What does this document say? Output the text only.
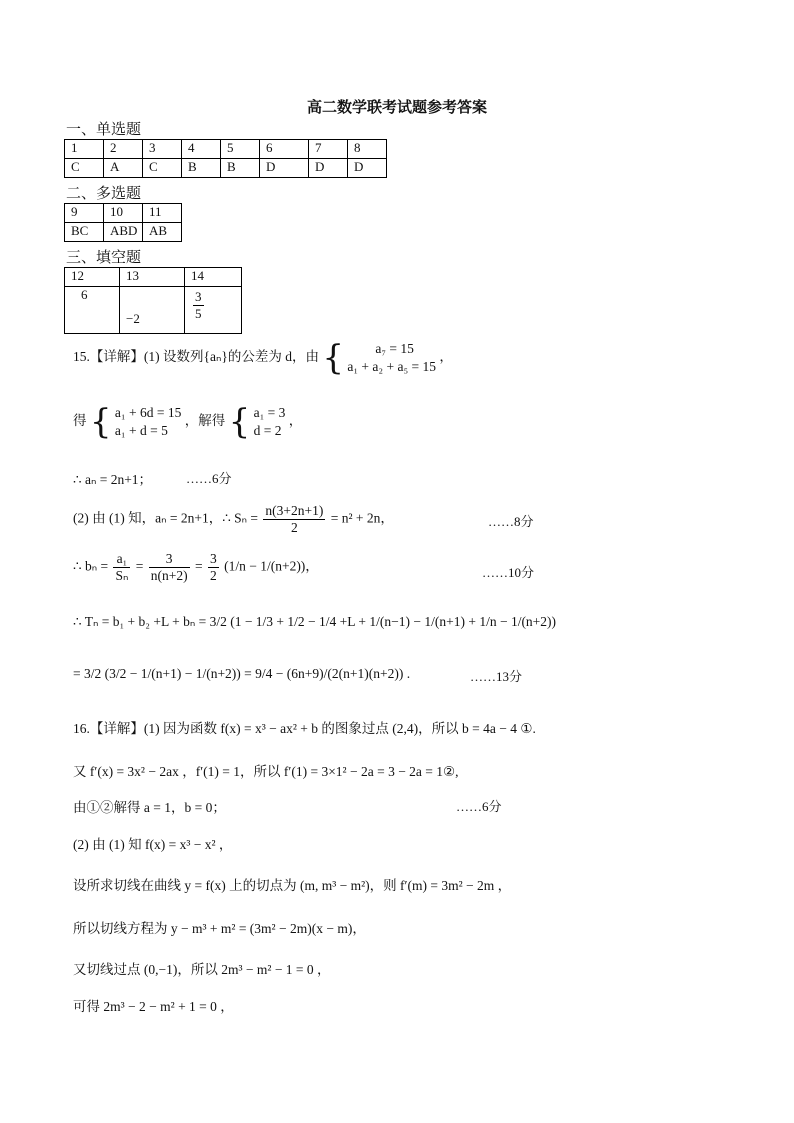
高二数学联考试题参考答案
一、单选题
1	2	3	4	5	6	7	8
C	A	C	B	B	D	D	D
二、多选题
9	10	11
BC	ABD	AB
三、填空题
12	13	14
6	−2	$\frac{3}{5}$
15.【详解】(1) 设数列{aₙ}的公差为 d，由 {	a₇ = 15
a₁ + a₂ + a₅ = 15
，
得 { a₁ + 6d = 15
a₁ + d = 5
，解得 { a₁ = 3
d = 2
，
∴ aₙ = 2n+1；	……6分
(2) 由 (1) 知，aₙ = 2n+1，∴ $S_n = \frac{n(3+2n+1)}{2} = n^2 + 2n$，	……8分
∴ $b_n = \frac{\text{a₁}}{\text{Sₙ}} = \frac{3}{n(n+2)} = \frac{3}{2} (1/n - 1/(n+2))$，	……10分
∴ Tₙ = b₁ + b₂ +L + bₙ = 3/2 (1 − 1/3 + 1/2 − 1/4 +L + 1/(n−1) − 1/(n+1) + 1/n − 1/(n+2))
= 3/2 (3/2 − 1/(n+1) − 1/(n+2)) = 9/4 − (6n+9)/(2(n+1)(n+2)) .	……13分
16.【详解】(1) 因为函数 f(x) = x³ − ax² + b 的图象过点 (2,4)，所以 b = 4a − 4 ①.
又 f′(x) = 3x² − 2ax ，f′(1) = 1，所以 f′(1) = 3×1² − 2a = 3 − 2a = 1②,
由①②解得 a = 1，b = 0；	……6分
(2) 由 (1) 知 f(x) = x³ − x² ，
设所求切线在曲线 y = f(x) 上的切点为 (m, m³ − m²)，则 f′(m) = 3m² − 2m ，
所以切线方程为 y − m³ + m² = (3m² − 2m)(x − m)，
又切线过点 (0,−1)，所以 2m³ − m² − 1 = 0 ，
可得 2m³ − 2 − m² + 1 = 0 ，
